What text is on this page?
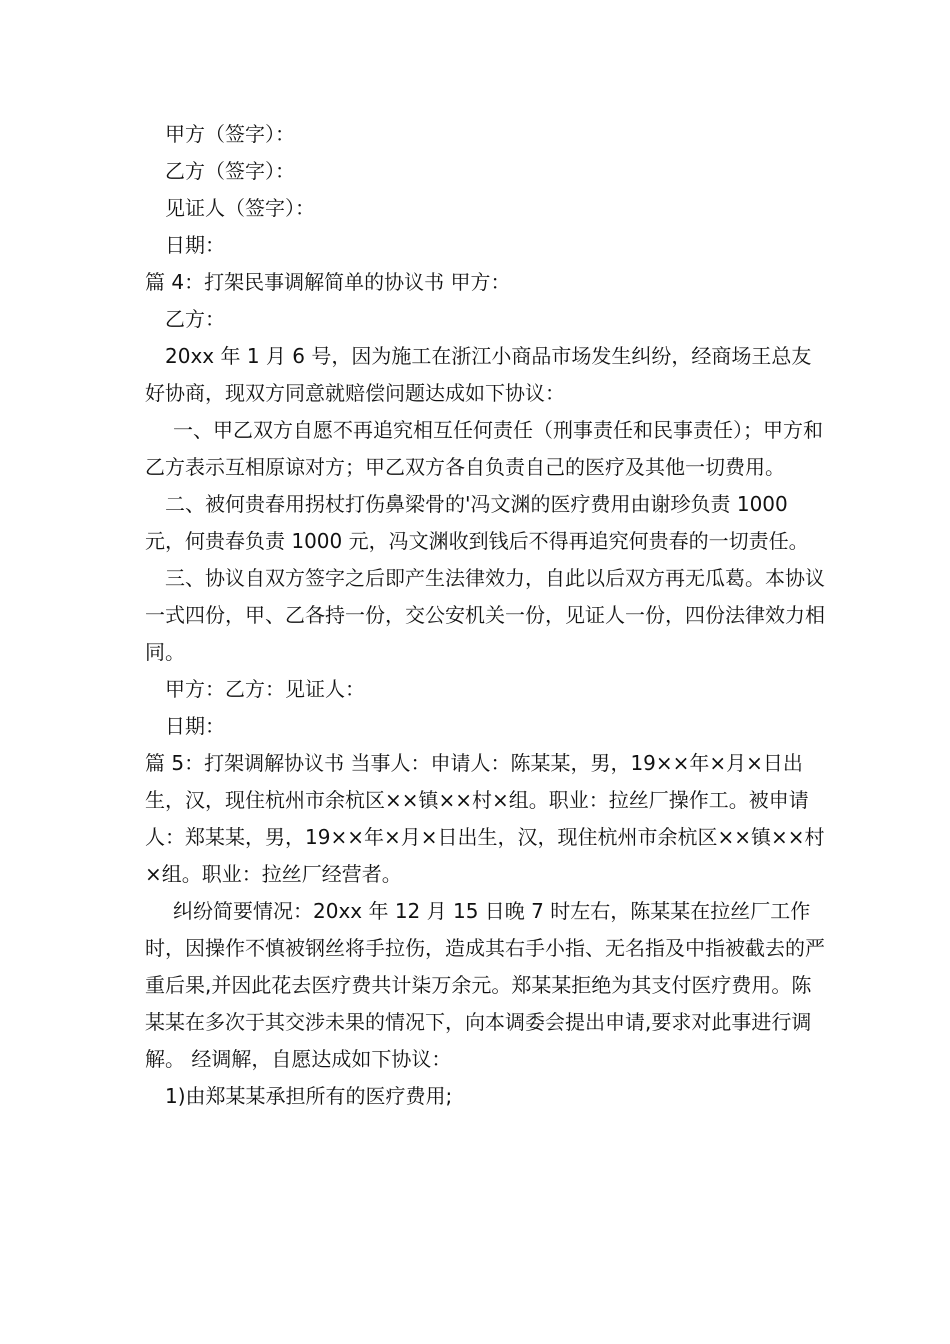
甲方（签字）：

乙方（签字）：

见证人（签字）：

日期：

篇 4：打架民事调解简单的协议书 甲方：

乙方：

20xx 年 1 月 6 号，因为施工在浙江小商品市场发生纠纷，经商场王总友好协商，现双方同意就赔偿问题达成如下协议：

一、甲乙双方自愿不再追究相互任何责任（刑事责任和民事责任）；甲方和乙方表示互相原谅对方；甲乙双方各自负责自己的医疗及其他一切费用。

二、被何贵春用拐杖打伤鼻梁骨的'冯文渊的医疗费用由谢珍负责 1000 元，何贵春负责 1000 元，冯文渊收到钱后不得再追究何贵春的一切责任。

三、协议自双方签字之后即产生法律效力，自此以后双方再无瓜葛。本协议一式四份，甲、乙各持一份，交公安机关一份，见证人一份，四份法律效力相同。

甲方：乙方：见证人：

日期：

篇 5：打架调解协议书 当事人：申请人：陈某某，男，19××年×月×日出生，汉，现住杭州市余杭区××镇××村×组。职业：拉丝厂操作工。被申请人：郑某某，男，19××年×月×日出生，汉，现住杭州市余杭区××镇××村×组。职业：拉丝厂经营者。

纠纷简要情况：20xx 年 12 月 15 日晚 7 时左右，陈某某在拉丝厂工作时，因操作不慎被钢丝将手拉伤，造成其右手小指、无名指及中指被截去的严重后果,并因此花去医疗费共计柒万余元。郑某某拒绝为其支付医疗费用。陈某某在多次于其交涉未果的情况下，向本调委会提出申请,要求对此事进行调解。 经调解，自愿达成如下协议：

1)由郑某某承担所有的医疗费用;
